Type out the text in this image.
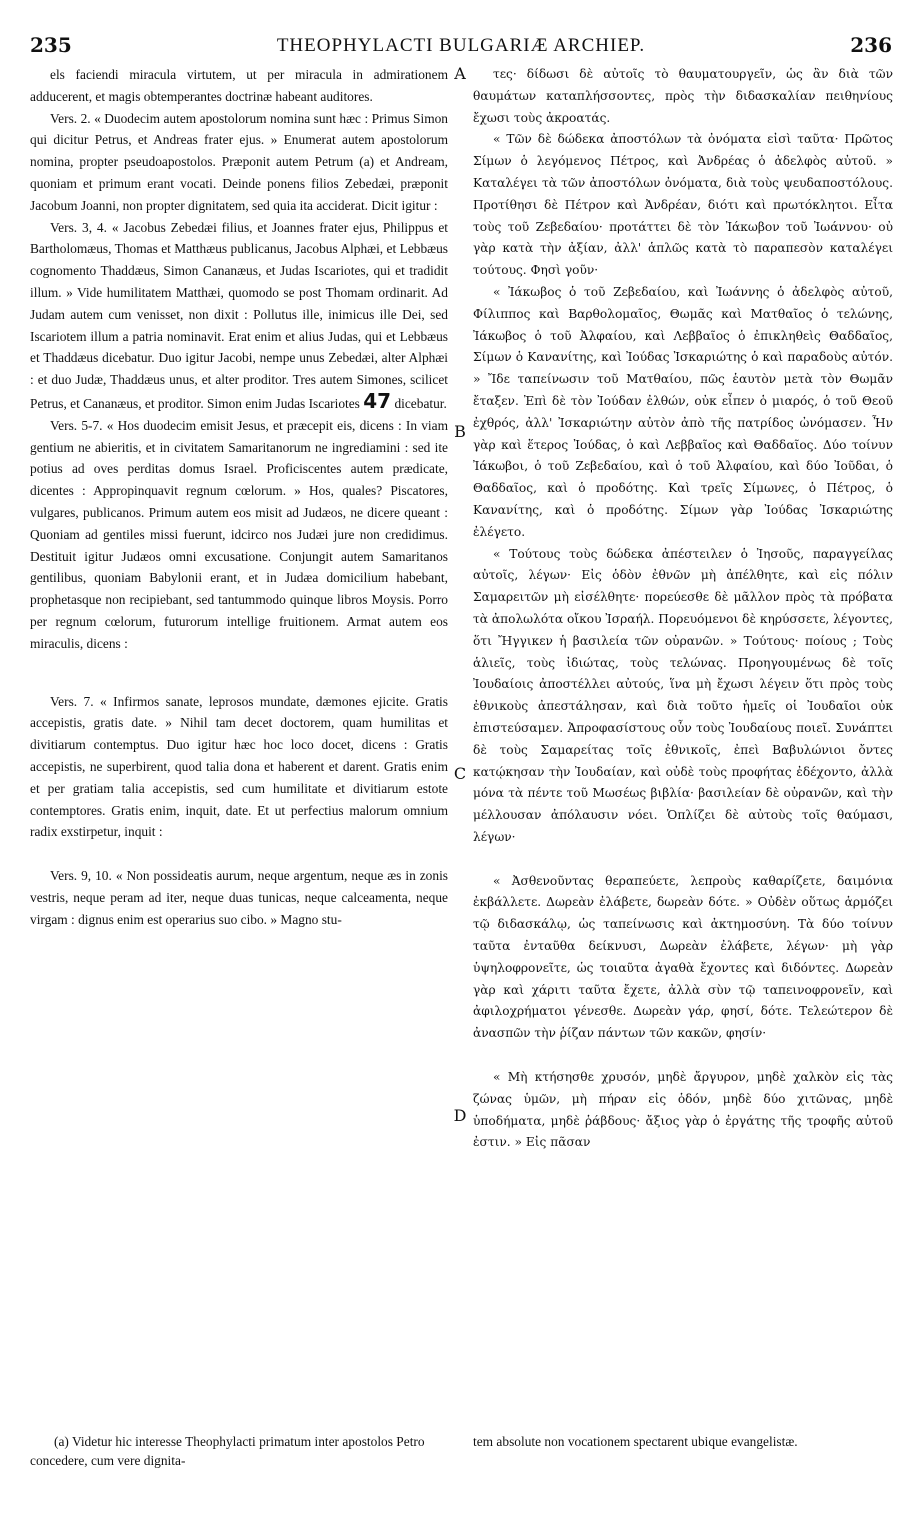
235	THEOPHYLACTI BULGARIÆ ARCHIEP.	236

els faciendi miracula virtutem, ut per miracula in admirationem adducerent, et magis obtemperantes doctrinæ habeant auditores.

Vers. 2. « Duodecim autem apostolorum nomina sunt hæc : Primus Simon qui dicitur Petrus, et Andreas frater ejus. » Enumerat autem apostolorum nomina, propter pseudoapostolos. Præponit autem Petrum (a) et Andream, quoniam et primum erant vocati. Deinde ponens filios Zebedæi, præponit Jacobum Joanni, non propter dignitatem, sed quia ita acciderat. Dicit igitur :

Vers. 3, 4. « Jacobus Zebedæi filius, et Joannes frater ejus, Philippus et Bartholomæus, Thomas et Matthæus publicanus, Jacobus Alphæi, et Lebbæus cognomento Thaddæus, Simon Cananæus, et Judas Iscariotes, qui et tradidit illum. » Vide humilitatem Matthæi, quomodo se post Thomam ordinarit. Ad Judam autem cum venisset, non dixit : Pollutus ille, inimicus ille Dei, sed Iscariotem illum a patria nominavit. Erat enim et alius Judas, qui et Lebbæus et Thaddæus dicebatur. Duo igitur Jacobi, nempe unus Zebedæi, alter Alphæi : et duo Judæ, Thaddæus unus, et alter proditor. Tres autem Simones, scilicet Petrus, et Cananæus, et proditor. Simon enim Judas Iscariotes 47 dicebatur.

Vers. 5-7. « Hos duodecim emisit Jesus, et præcepit eis, dicens : In viam gentium ne abieritis, et in civitatem Samaritanorum ne ingrediamini : sed ite potius ad oves perditas domus Israel. Proficiscentes autem prædicate, dicentes : Appropinquavit regnum cœlorum. » Hos, quales? Piscatores, vulgares, publicanos. Primum autem eos misit ad Judæos, ne dicere queant : Quoniam ad gentiles missi fuerunt, idcirco nos Judæi jure non credidimus. Destituit igitur Judæos omni excusatione. Conjungit autem Samaritanos gentilibus, quoniam Babylonii erant, et in Judæa domicilium habebant, prophetasque non recipiebant, sed tantummodo quinque libros Moysis. Porro per regnum cœlorum, futurorum intellige fruitionem. Armat autem eos miraculis, dicens :

Vers. 7. « Infirmos sanate, leprosos mundate, dæmones ejicite. Gratis accepistis, gratis date. » Nihil tam decet doctorem, quam humilitas et divitiarum contemptus. Duo igitur hæc hoc loco docet, dicens : Gratis accepistis, ne superbirent, quod talia dona et haberent et darent. Gratis enim et per gratiam talia accepistis, sed cum humilitate et divitiarum estote contemptores. Gratis enim, inquit, date. Et ut perfectius malorum omnium radix exstirpetur, inquit :

Vers. 9, 10. « Non possideatis aurum, neque argentum, neque æs in zonis vestris, neque peram ad iter, neque duas tunicas, neque calceamenta, neque virgam : dignus enim est operarius suo cibo. » Magno stu-

A
B
C
D

τες· δίδωσι δὲ αὐτοῖς τὸ θαυματουργεῖν, ὡς ἂν διὰ τῶν θαυμάτων καταπλήσσοντες, πρὸς τὴν διδασκαλίαν πειθηνίους ἔχωσι τοὺς ἀκροατάς.

« Τῶν δὲ δώδεκα ἀποστόλων τὰ ὀνόματα εἰσὶ ταῦτα· Πρῶτος Σίμων ὁ λεγόμενος Πέτρος, καὶ Ἀνδρέας ὁ ἀδελφὸς αὐτοῦ. » Καταλέγει τὰ τῶν ἀποστόλων ὀνόματα, διὰ τοὺς ψευδαποστόλους. Προτίθησι δὲ Πέτρον καὶ Ἀνδρέαν, διότι καὶ πρωτόκλητοι. Εἶτα τοὺς τοῦ Ζεβεδαίου· προτάττει δὲ τὸν Ἰάκωβον τοῦ Ἰωάννου· οὐ γὰρ κατὰ τὴν ἀξίαν, ἀλλ' ἁπλῶς κατὰ τὸ παραπεσὸν καταλέγει τούτους. Φησὶ γοῦν·

« Ἰάκωβος ὁ τοῦ Ζεβεδαίου, καὶ Ἰωάννης ὁ ἀδελφὸς αὐτοῦ, Φίλιππος καὶ Βαρθολομαῖος, Θωμᾶς καὶ Ματθαῖος ὁ τελώνης, Ἰάκωβος ὁ τοῦ Ἀλφαίου, καὶ Λεββαῖος ὁ ἐπικληθεὶς Θαδδαῖος, Σίμων ὁ Κανανίτης, καὶ Ἰούδας Ἰσκαριώτης ὁ καὶ παραδοὺς αὐτόν. » Ἴδε ταπείνωσιν τοῦ Ματθαίου, πῶς ἑαυτὸν μετὰ τὸν Θωμᾶν ἔταξεν. Ἐπὶ δὲ τὸν Ἰούδαν ἐλθών, οὐκ εἶπεν ὁ μιαρός, ὁ τοῦ Θεοῦ ἐχθρός, ἀλλ' Ἰσκαριώτην αὐτὸν ἀπὸ τῆς πατρίδος ὠνόμασεν. Ἦν γὰρ καὶ ἕτερος Ἰούδας, ὁ καὶ Λεββαῖος καὶ Θαδδαῖος. Δύο τοίνυν Ἰάκωβοι, ὁ τοῦ Ζεβεδαίου, καὶ ὁ τοῦ Ἀλφαίου, καὶ δύο Ἰοῦδαι, ὁ Θαδδαῖος, καὶ ὁ προδότης. Καὶ τρεῖς Σίμωνες, ὁ Πέτρος, ὁ Κανανίτης, καὶ ὁ προδότης. Σίμων γὰρ Ἰούδας Ἰσκαριώτης ἐλέγετο.

« Τούτους τοὺς δώδεκα ἀπέστειλεν ὁ Ἰησοῦς, παραγγείλας αὐτοῖς, λέγων· Εἰς ὁδὸν ἐθνῶν μὴ ἀπέλθητε, καὶ εἰς πόλιν Σαμαρειτῶν μὴ εἰσέλθητε· πορεύεσθε δὲ μᾶλλον πρὸς τὰ πρόβατα τὰ ἀπολωλότα οἴκου Ἰσραήλ. Πορευόμενοι δὲ κηρύσσετε, λέγοντες, ὅτι Ἤγγικεν ἡ βασιλεία τῶν οὐρανῶν. » Τούτους· ποίους ; Τοὺς ἁλιεῖς, τοὺς ἰδιώτας, τοὺς τελώνας. Προηγουμένως δὲ τοῖς Ἰουδαίοις ἀποστέλλει αὐτούς, ἵνα μὴ ἔχωσι λέγειν ὅτι πρὸς τοὺς ἐθνικοὺς ἀπεστάλησαν, καὶ διὰ τοῦτο ἡμεῖς οἱ Ἰουδαῖοι οὐκ ἐπιστεύσαμεν. Ἀπροφασίστους οὖν τοὺς Ἰουδαίους ποιεῖ. Συνάπτει δὲ τοὺς Σαμαρείτας τοῖς ἐθνικοῖς, ἐπεὶ Βαβυλώνιοι ὄντες κατῴκησαν τὴν Ἰουδαίαν, καὶ οὐδὲ τοὺς προφήτας ἐδέχοντο, ἀλλὰ μόνα τὰ πέντε τοῦ Μωσέως βιβλία· βασιλείαν δὲ οὐρανῶν, καὶ τὴν μέλλουσαν ἀπόλαυσιν νόει. Ὁπλίζει δὲ αὐτοὺς τοῖς θαύμασι, λέγων·

« Ἀσθενοῦντας θεραπεύετε, λεπροὺς καθαρίζετε, δαιμόνια ἐκβάλλετε. Δωρεὰν ἐλάβετε, δωρεὰν δότε. » Οὐδὲν οὕτως ἁρμόζει τῷ διδασκάλῳ, ὡς ταπείνωσις καὶ ἀκτημοσύνη. Τὰ δύο τοίνυν ταῦτα ἐνταῦθα δείκνυσι, Δωρεὰν ἐλάβετε, λέγων· μὴ γὰρ ὑψηλοφρονεῖτε, ὡς τοιαῦτα ἀγαθὰ ἔχοντες καὶ διδόντες. Δωρεὰν γὰρ καὶ χάριτι ταῦτα ἔχετε, ἀλλὰ σὺν τῷ ταπεινοφρονεῖν, καὶ ἀφιλοχρήματοι γένεσθε. Δωρεὰν γάρ, φησί, δότε. Τελεώτερον δὲ ἀνασπῶν τὴν ῥίζαν πάντων τῶν κακῶν, φησίν·

« Μὴ κτήσησθε χρυσόν, μηδὲ ἄργυρον, μηδὲ χαλκὸν εἰς τὰς ζώνας ὑμῶν, μὴ πήραν εἰς ὁδόν, μηδὲ δύο χιτῶνας, μηδὲ ὑποδήματα, μηδὲ ῥάβδους· ἄξιος γὰρ ὁ ἐργάτης τῆς τροφῆς αὐτοῦ ἐστιν. » Εἰς πᾶσαν

(a) Videtur hic interesse Theophylacti primatum inter apostolos Petro concedere, cum vere dignita-
tem absolute non vocationem spectarent ubique evangelistæ.
